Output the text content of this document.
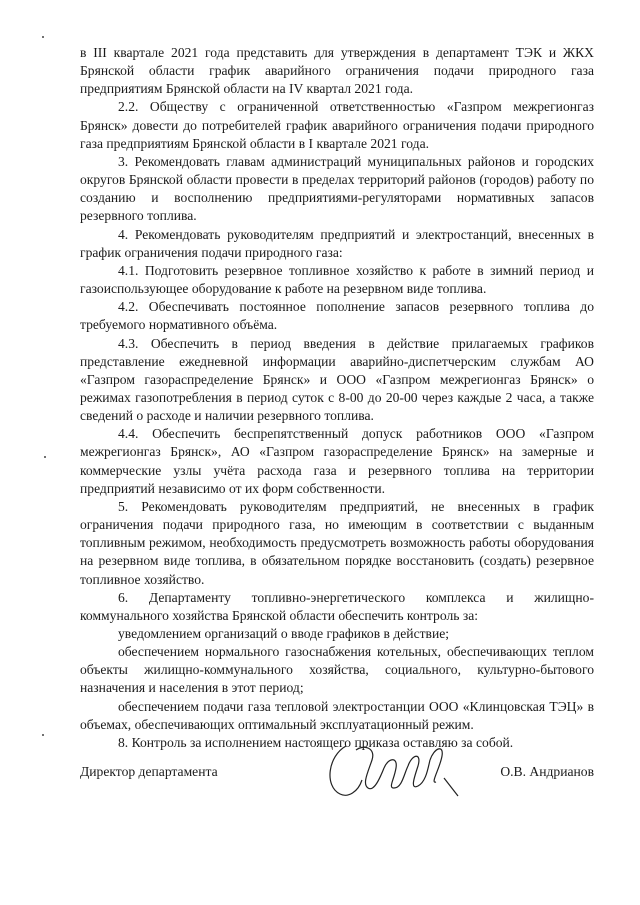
в III квартале 2021 года представить для утверждения в департамент ТЭК и ЖКХ Брянской области график аварийного ограничения подачи природного газа предприятиям Брянской области на IV квартал 2021 года.

2.2. Обществу с ограниченной ответственностью «Газпром межрегионгаз Брянск» довести до потребителей график аварийного ограничения подачи природного газа предприятиям Брянской области в I квартале 2021 года.

3. Рекомендовать главам администраций муниципальных районов и городских округов Брянской области провести в пределах территорий районов (городов) работу по созданию и восполнению предприятиями-регуляторами нормативных запасов резервного топлива.

4. Рекомендовать руководителям предприятий и электростанций, внесенных в график ограничения подачи природного газа:

4.1. Подготовить резервное топливное хозяйство к работе в зимний период и газоиспользующее оборудование к работе на резервном виде топлива.

4.2. Обеспечивать постоянное пополнение запасов резервного топлива до требуемого нормативного объёма.

4.3. Обеспечить в период введения в действие прилагаемых графиков представление ежедневной информации аварийно-диспетчерским службам АО «Газпром газораспределение Брянск» и ООО «Газпром межрегионгаз Брянск» о режимах газопотребления в период суток с 8-00 до 20-00 через каждые 2 часа, а также сведений о расходе и наличии резервного топлива.

4.4. Обеспечить беспрепятственный допуск работников ООО «Газпром межрегионгаз Брянск», АО «Газпром газораспределение Брянск» на замерные и коммерческие узлы учёта расхода газа и резервного топлива на территории предприятий независимо от их форм собственности.

5. Рекомендовать руководителям предприятий, не внесенных в график ограничения подачи природного газа, но имеющим в соответствии с выданным топливным режимом, необходимость предусмотреть возможность работы оборудования на резервном виде топлива, в обязательном порядке восстановить (создать) резервное топливное хозяйство.

6. Департаменту топливно-энергетического комплекса и жилищно-коммунального хозяйства Брянской области обеспечить контроль за:

уведомлением организаций о вводе графиков в действие;

обеспечением нормального газоснабжения котельных, обеспечивающих теплом объекты жилищно-коммунального хозяйства, социального, культурно-бытового назначения и населения в этот период;

обеспечением подачи газа тепловой электростанции ООО «Клинцовская ТЭЦ» в объемах, обеспечивающих оптимальный эксплуатационный режим.

8. Контроль за исполнением настоящего приказа оставляю за собой.

Директор департамента	О.В. Андрианов
